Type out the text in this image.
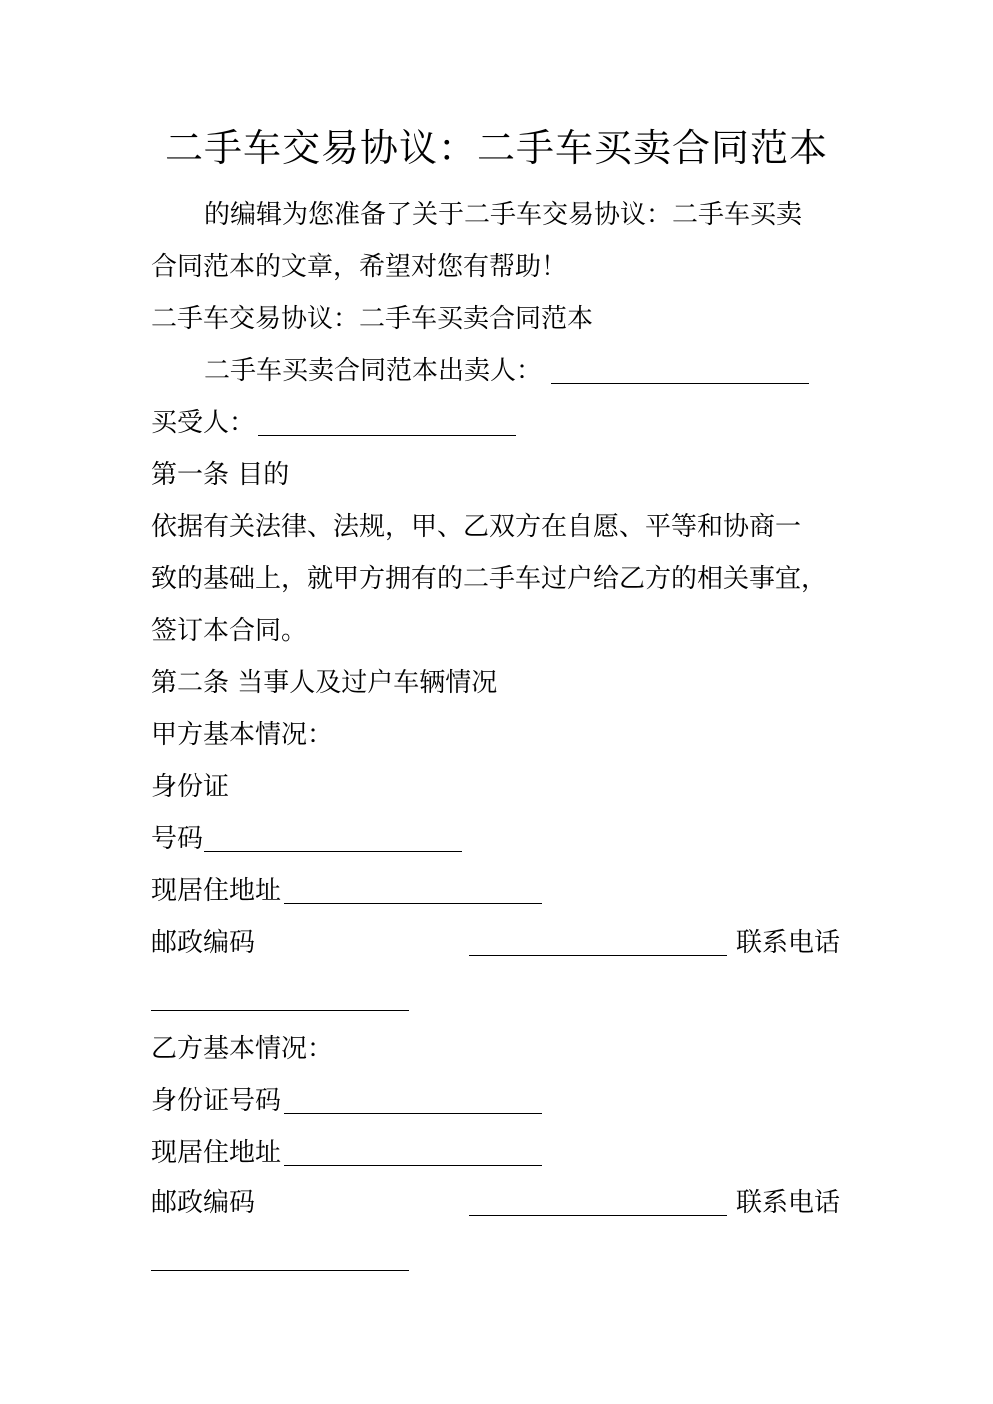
二手车交易协议：二手车买卖合同范本
的编辑为您准备了关于二手车交易协议：二手车买卖
合同范本的文章，希望对您有帮助！
二手车交易协议：二手车买卖合同范本
二手车买卖合同范本出卖人：
买受人：
第一条 目的
依据有关法律、法规，甲、乙双方在自愿、平等和协商一
致的基础上，就甲方拥有的二手车过户给乙方的相关事宜，
签订本合同。
第二条 当事人及过户车辆情况
甲方基本情况：
身份证
号码
现居住地址
邮政编码	联系电话
乙方基本情况：
身份证号码
现居住地址
邮政编码	联系电话
